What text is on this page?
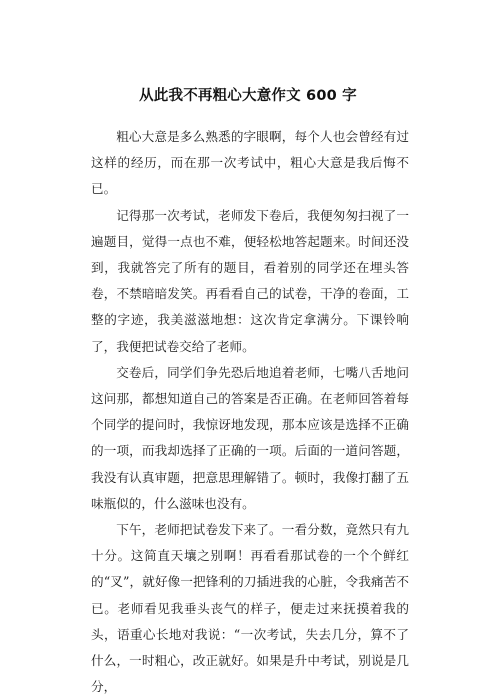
从此我不再粗心大意作文 600 字

粗心大意是多么熟悉的字眼啊，每个人也会曾经有过这样的经历，而在那一次考试中，粗心大意是我后悔不已。

记得那一次考试，老师发下卷后，我便匆匆扫视了一遍题目，觉得一点也不难，便轻松地答起题来。时间还没到，我就答完了所有的题目，看着别的同学还在埋头答卷，不禁暗暗发笑。再看看自己的试卷，干净的卷面，工整的字迹，我美滋滋地想：这次肯定拿满分。下课铃响了，我便把试卷交给了老师。

交卷后，同学们争先恐后地追着老师，七嘴八舌地问这问那，都想知道自己的答案是否正确。在老师回答着每个同学的提问时，我惊讶地发现，那本应该是选择不正确的一项，而我却选择了正确的一项。后面的一道问答题，我没有认真审题，把意思理解错了。顿时，我像打翻了五味瓶似的，什么滋味也没有。

下午，老师把试卷发下来了。一看分数，竟然只有九十分。这简直天壤之别啊！再看看那试卷的一个个鲜红的“叉”，就好像一把锋利的刀插进我的心脏，令我痛苦不已。老师看见我垂头丧气的样子，便走过来抚摸着我的头，语重心长地对我说：“一次考试，失去几分，算不了什么，一时粗心，改正就好。如果是升中考试，别说是几分，
